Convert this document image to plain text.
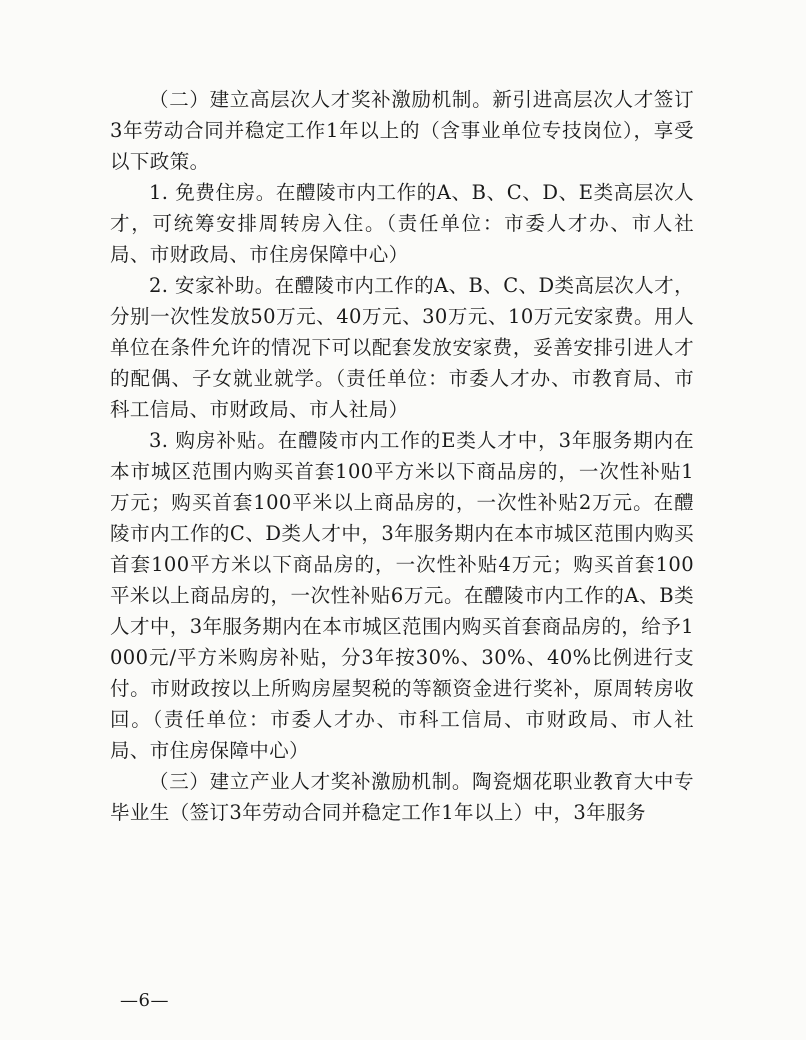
（二）建立高层次人才奖补激励机制。新引进高层次人才签订3年劳动合同并稳定工作1年以上的（含事业单位专技岗位），享受以下政策。

1. 免费住房。在醴陵市内工作的A、B、C、D、E类高层次人才，可统筹安排周转房入住。（责任单位：市委人才办、市人社局、市财政局、市住房保障中心）

2. 安家补助。在醴陵市内工作的A、B、C、D类高层次人才，分别一次性发放50万元、40万元、30万元、10万元安家费。用人单位在条件允许的情况下可以配套发放安家费，妥善安排引进人才的配偶、子女就业就学。（责任单位：市委人才办、市教育局、市科工信局、市财政局、市人社局）

3. 购房补贴。在醴陵市内工作的E类人才中，3年服务期内在本市城区范围内购买首套100平方米以下商品房的，一次性补贴1万元；购买首套100平米以上商品房的，一次性补贴2万元。在醴陵市内工作的C、D类人才中，3年服务期内在本市城区范围内购买首套100平方米以下商品房的，一次性补贴4万元；购买首套100平米以上商品房的，一次性补贴6万元。在醴陵市内工作的A、B类人才中，3年服务期内在本市城区范围内购买首套商品房的，给予1000元/平方米购房补贴，分3年按30%、30%、40%比例进行支付。市财政按以上所购房屋契税的等额资金进行奖补，原周转房收回。（责任单位：市委人才办、市科工信局、市财政局、市人社局、市住房保障中心）

（三）建立产业人才奖补激励机制。陶瓷烟花职业教育大中专毕业生（签订3年劳动合同并稳定工作1年以上）中，3年服务

—6—
